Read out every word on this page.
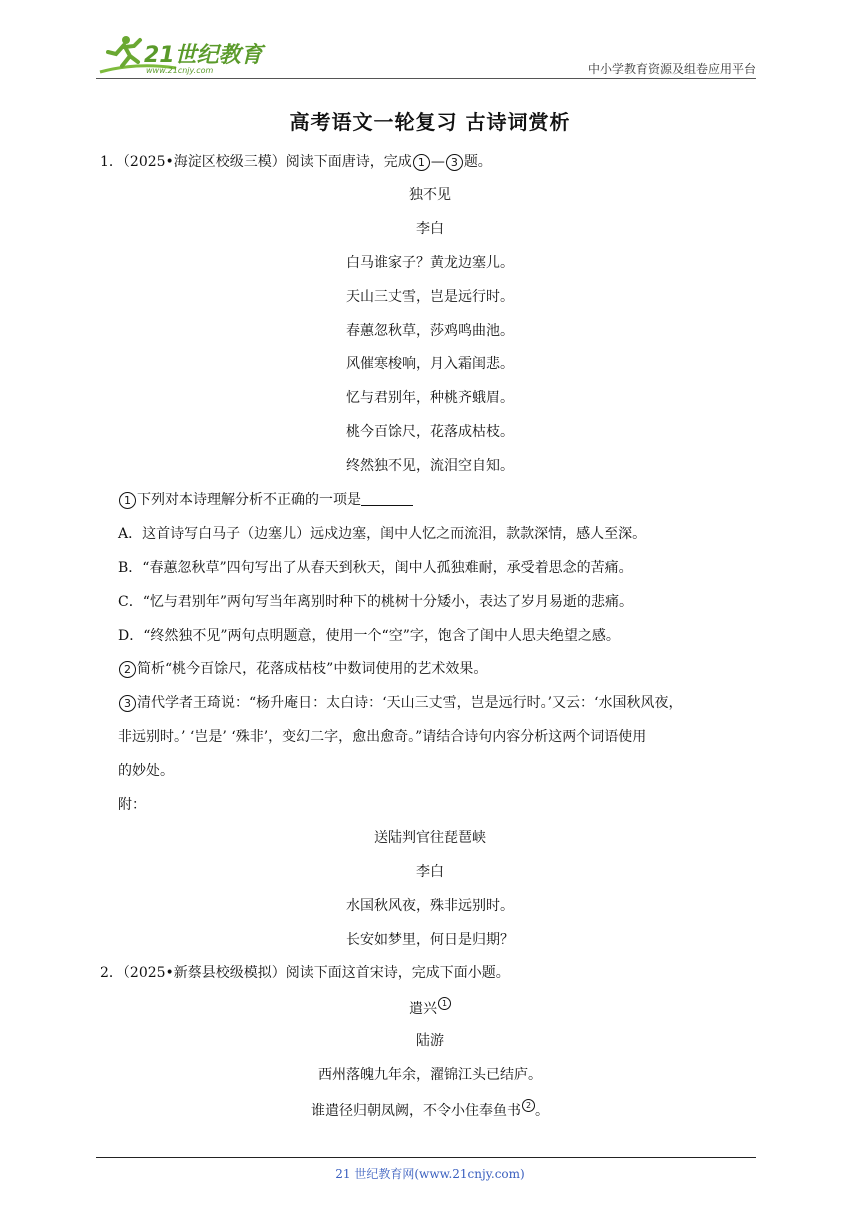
21世纪教育
www.21cnjy.com	中小学教育资源及组卷应用平台
高考语文一轮复习 古诗词赏析
1．（2025•海淀区校级三模）阅读下面唐诗，完成 1 — 3 题。
独不见
李白
白马谁家子？黄龙边塞儿。
天山三丈雪，岂是远行时。
春蕙忽秋草，莎鸡鸣曲池。
风催寒梭响，月入霜闺悲。
忆与君别年，种桃齐蛾眉。
桃今百馀尺，花落成枯枝。
终然独不见，流泪空自知。
1 下列对本诗理解分析不正确的一项是
A．这首诗写白马子（边塞儿）远戍边塞，闺中人忆之而流泪，款款深情，感人至深。
B．“春蕙忽秋草”四句写出了从春天到秋天，闺中人孤独难耐，承受着思念的苦痛。
C．“忆与君别年”两句写当年离别时种下的桃树十分矮小，表达了岁月易逝的悲痛。
D．“终然独不见”两句点明题意，使用一个“空”字，饱含了闺中人思夫绝望之感。
2 简析“桃今百馀尺，花落成枯枝”中数词使用的艺术效果。
3 清代学者王琦说：“杨升庵日：太白诗：‘天山三丈雪，岂是远行时。’又云：‘水国秋风夜，
非远别时。’ ‘岂是’ ‘殊非’，变幻二字，愈出愈奇。”请结合诗句内容分析这两个词语使用
的妙处。
附：
送陆判官往琵琶峡
李白
水国秋风夜，殊非远别时。
长安如梦里，何日是归期？
2．（2025•新蔡县校级模拟）阅读下面这首宋诗，完成下面小题。
遣兴 1
陆游
西州落魄九年余，濯锦江头已结庐。
谁遣径归朝凤阙，不令小住奉鱼书 2 。
21 世纪教育网(www.21cnjy.com)
